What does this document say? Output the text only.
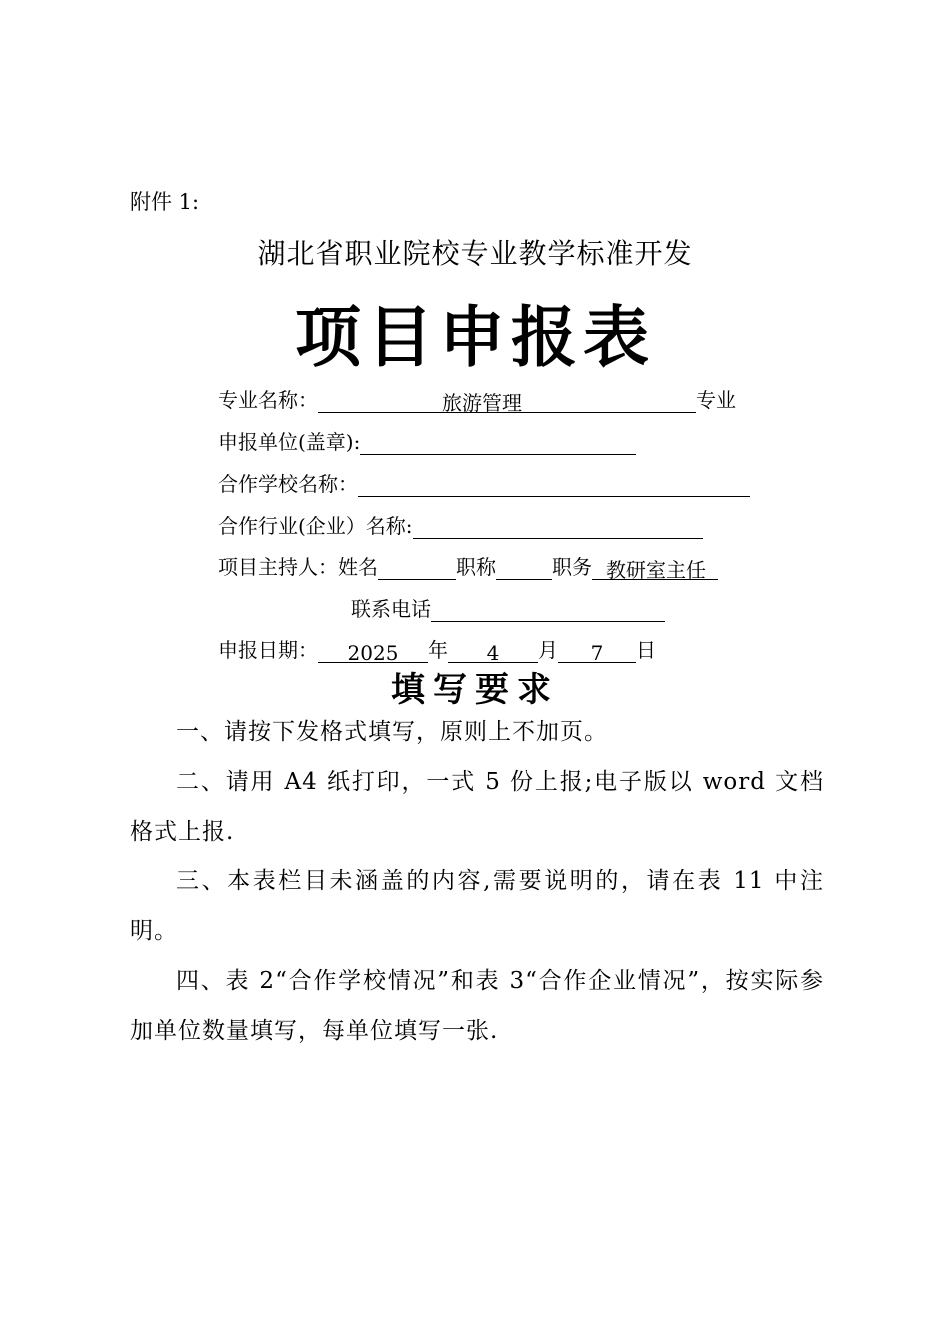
附件 1:
湖北省职业院校专业教学标准开发
项目申报表
专业名称：	旅游管理	专业
申报单位(盖章):
合作学校名称：
合作行业(企业）名称:
项目主持人：姓名	职称	职务 教研室主任
联系电话
申报日期：	2025	年	4	月	7	日
填写要求
一、请按下发格式填写，原则上不加页。
二、请用 A4 纸打印，一式 5 份上报;电子版以 word 文档格式上报.
三、本表栏目未涵盖的内容,需要说明的，请在表 11 中注明。
四、表 2“合作学校情况”和表 3“合作企业情况”，按实际参加单位数量填写，每单位填写一张.
